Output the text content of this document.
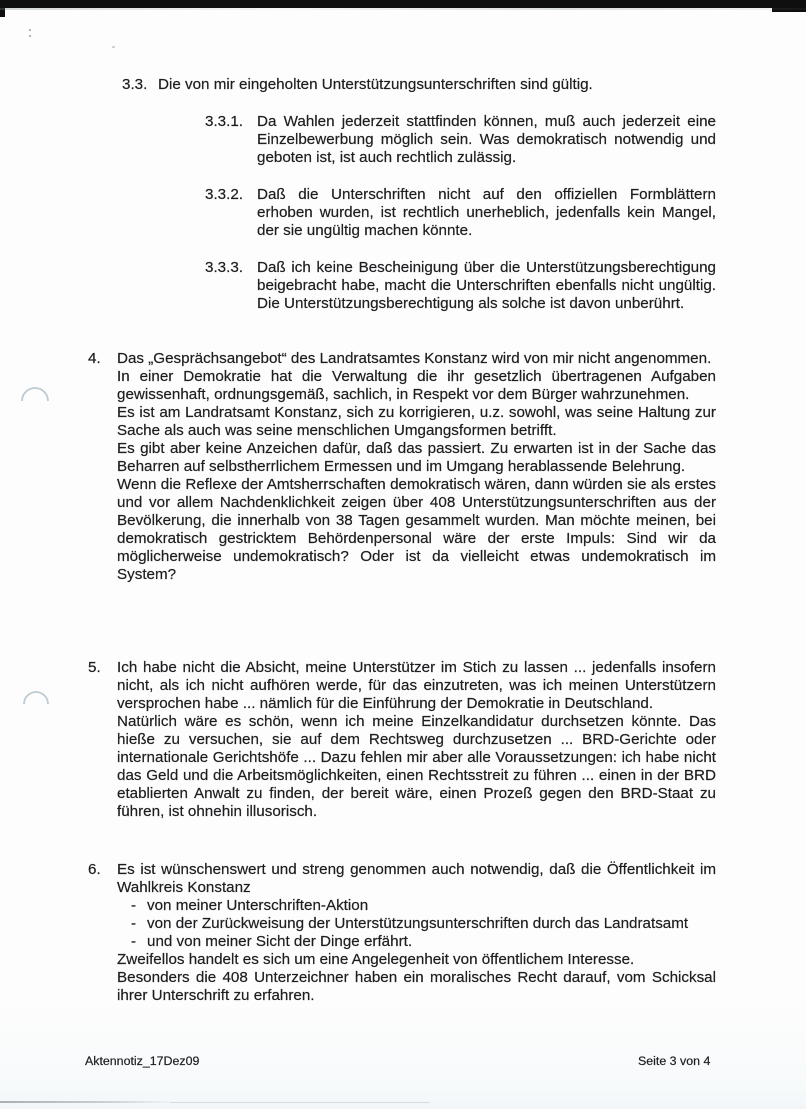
3.3. Die von mir eingeholten Unterstützungsunterschriften sind gültig.

3.3.1. Da Wahlen jederzeit stattfinden können, muß auch jederzeit eine Einzelbewerbung möglich sein. Was demokratisch notwendig und geboten ist, ist auch rechtlich zulässig.

3.3.2. Daß die Unterschriften nicht auf den offiziellen Formblättern erhoben wurden, ist rechtlich unerheblich, jedenfalls kein Mangel, der sie ungültig machen könnte.

3.3.3. Daß ich keine Bescheinigung über die Unterstützungsberechtigung beigebracht habe, macht die Unterschriften ebenfalls nicht ungültig. Die Unterstützungsberechtigung als solche ist davon unberührt.

4. Das „Gesprächsangebot“ des Landratsamtes Konstanz wird von mir nicht angenommen.

In einer Demokratie hat die Verwaltung die ihr gesetzlich übertragenen Aufgaben gewissenhaft, ordnungsgemäß, sachlich, in Respekt vor dem Bürger wahrzunehmen.

Es ist am Landratsamt Konstanz, sich zu korrigieren, u.z. sowohl, was seine Haltung zur Sache als auch was seine menschlichen Umgangsformen betrifft.

Es gibt aber keine Anzeichen dafür, daß das passiert. Zu erwarten ist in der Sache das Beharren auf selbstherrlichem Ermessen und im Umgang herablassende Belehrung.

Wenn die Reflexe der Amtsherrschaften demokratisch wären, dann würden sie als erstes und vor allem Nachdenklichkeit zeigen über 408 Unterstützungsunterschriften aus der Bevölkerung, die innerhalb von 38 Tagen gesammelt wurden. Man möchte meinen, bei demokratisch gestricktem Behördenpersonal wäre der erste Impuls: Sind wir da möglicherweise undemokratisch? Oder ist da vielleicht etwas undemokratisch im System?

5. Ich habe nicht die Absicht, meine Unterstützer im Stich zu lassen ... jedenfalls insofern nicht, als ich nicht aufhören werde, für das einzutreten, was ich meinen Unterstützern versprochen habe ... nämlich für die Einführung der Demokratie in Deutschland.

Natürlich wäre es schön, wenn ich meine Einzelkandidatur durchsetzen könnte. Das hieße zu versuchen, sie auf dem Rechtsweg durchzusetzen ... BRD-Gerichte oder internationale Gerichtshöfe ... Dazu fehlen mir aber alle Voraussetzungen: ich habe nicht das Geld und die Arbeitsmöglichkeiten, einen Rechtsstreit zu führen ... einen in der BRD etablierten Anwalt zu finden, der bereit wäre, einen Prozeß gegen den BRD-Staat zu führen, ist ohnehin illusorisch.

6. Es ist wünschenswert und streng genommen auch notwendig, daß die Öffentlichkeit im Wahlkreis Konstanz

- von meiner Unterschriften-Aktion
- von der Zurückweisung der Unterstützungsunterschriften durch das Landratsamt
- und von meiner Sicht der Dinge erfährt.

Zweifellos handelt es sich um eine Angelegenheit von öffentlichem Interesse.

Besonders die 408 Unterzeichner haben ein moralisches Recht darauf, vom Schicksal ihrer Unterschrift zu erfahren.

Aktennotiz_17Dez09	Seite 3 von 4
